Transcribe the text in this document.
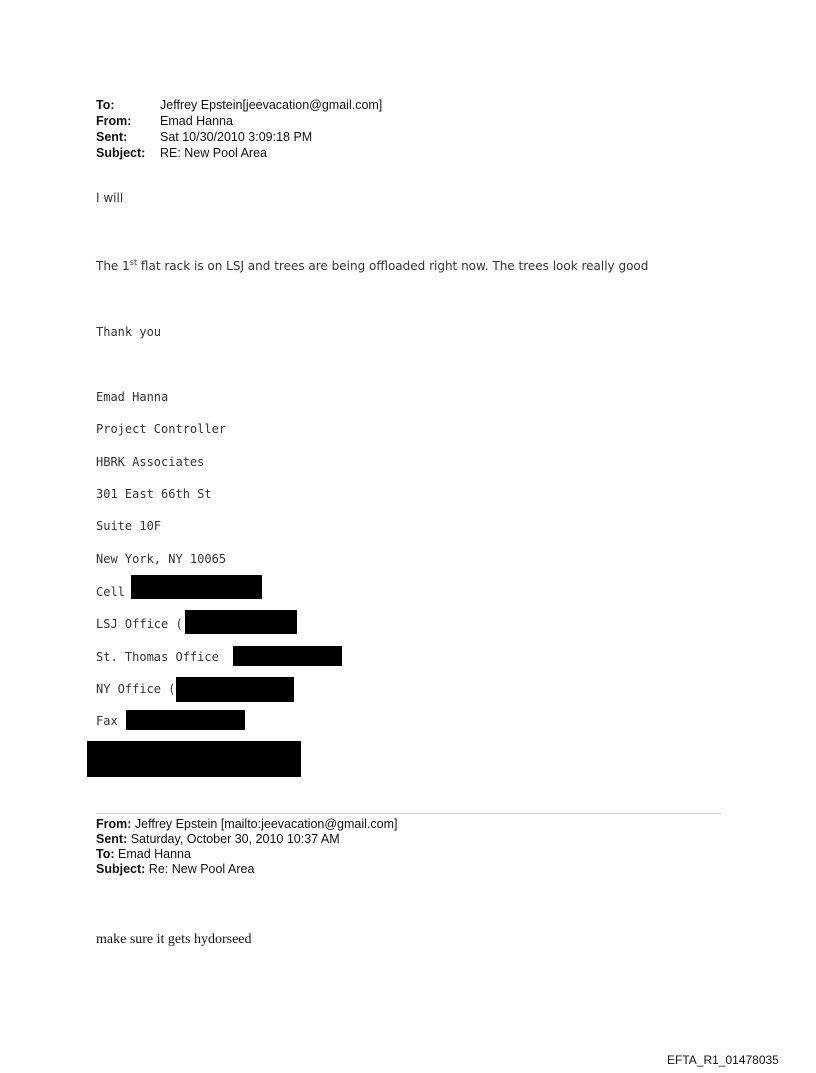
To:	Jeffrey Epstein[jeevacation@gmail.com]
From: Emad Hanna
Sent:	Sat 10/30/2010 3:09:18 PM
Subject: RE: New Pool Area
I will
The 1st flat rack is on LSJ and trees are being offloaded right now. The trees look really good
Thank you
Emad Hanna
Project Controller
HBRK Associates
301 East 66th St
Suite 10F
New York, NY 10065
Cell
LSJ Office (
St. Thomas Office
NY Office (
Fax
From: Jeffrey Epstein [mailto:jeevacation@gmail.com]
Sent: Saturday, October 30, 2010 10:37 AM
To: Emad Hanna
Subject: Re: New Pool Area
make sure it gets hydorseed
EFTA_R1_01478035
